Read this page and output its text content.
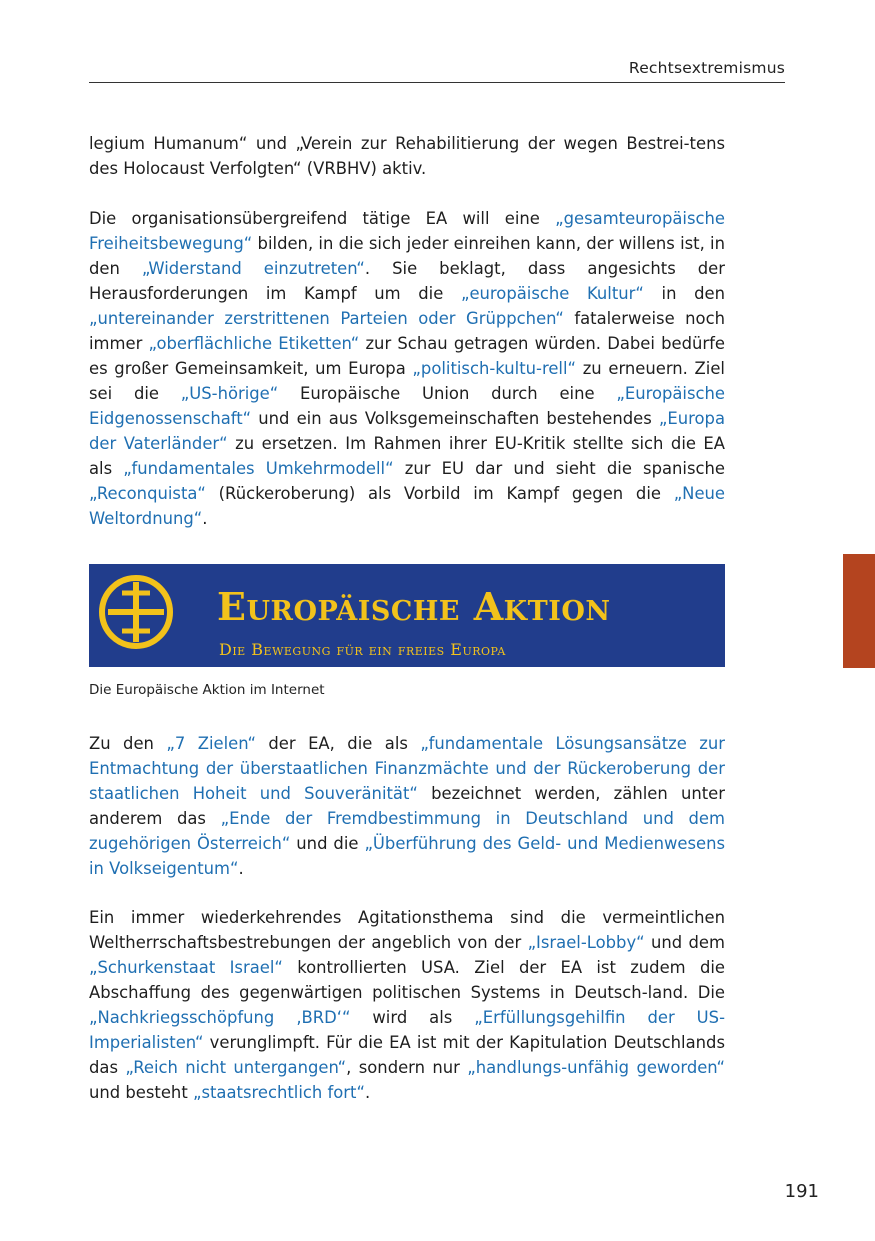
Rechtsextremismus

legium Humanum“ und „Verein zur Rehabilitierung der wegen Bestrei-tens des Holocaust Verfolgten“ (VRBHV) aktiv.

Die organisationsübergreifend tätige EA will eine „gesamteuropäische Freiheitsbewegung“ bilden, in die sich jeder einreihen kann, der willens ist, in den „Widerstand einzutreten“. Sie beklagt, dass angesichts der Herausforderungen im Kampf um die „europäische Kultur“ in den „untereinander zerstrittenen Parteien oder Grüppchen“ fatalerweise noch immer „oberflächliche Etiketten“ zur Schau getragen würden. Dabei bedürfe es großer Gemeinsamkeit, um Europa „politisch-kultu-rell“ zu erneuern. Ziel sei die „US-hörige“ Europäische Union durch eine „Europäische Eidgenossenschaft“ und ein aus Volksgemeinschaften bestehendes „Europa der Vaterländer“ zu ersetzen. Im Rahmen ihrer EU-Kritik stellte sich die EA als „fundamentales Umkehrmodell“ zur EU dar und sieht die spanische „Reconquista“ (Rückeroberung) als Vorbild im Kampf gegen die „Neue Weltordnung“.

Europäische Aktion
Die Bewegung für ein freies Europa
Die Europäische Aktion im Internet

Zu den „7 Zielen“ der EA, die als „fundamentale Lösungsansätze zur Entmachtung der überstaatlichen Finanzmächte und der Rückeroberung der staatlichen Hoheit und Souveränität“ bezeichnet werden, zählen unter anderem das „Ende der Fremdbestimmung in Deutschland und dem zugehörigen Österreich“ und die „Überführung des Geld- und Medienwesens in Volkseigentum“.

Ein immer wiederkehrendes Agitationsthema sind die vermeintlichen Weltherrschaftsbestrebungen der angeblich von der „Israel-Lobby“ und dem „Schurkenstaat Israel“ kontrollierten USA. Ziel der EA ist zudem die Abschaffung des gegenwärtigen politischen Systems in Deutsch-land. Die „Nachkriegsschöpfung ‚BRD‘“ wird als „Erfüllungsgehilfin der US-Imperialisten“ verunglimpft. Für die EA ist mit der Kapitulation Deutschlands das „Reich nicht untergangen“, sondern nur „handlungs-unfähig geworden“ und besteht „staatsrechtlich fort“.

191
